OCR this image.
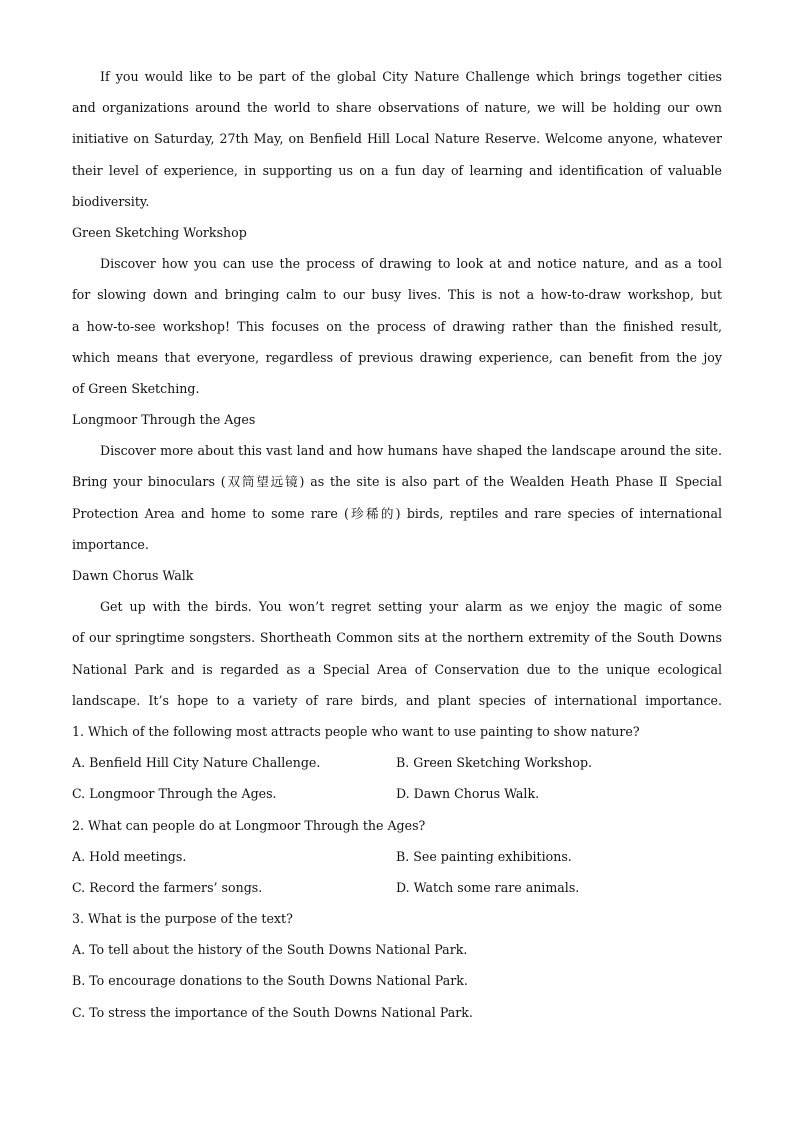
If you would like to be part of the global City Nature Challenge which brings together cities
and organizations around the world to share observations of nature, we will be holding our own
initiative on Saturday, 27th May, on Benfield Hill Local Nature Reserve. Welcome anyone, whatever
their level of experience, in supporting us on a fun day of learning and identification of valuable
biodiversity.
Green Sketching Workshop
Discover how you can use the process of drawing to look at and notice nature, and as a tool
for slowing down and bringing calm to our busy lives. This is not a how-to-draw workshop, but
a how-to-see workshop! This focuses on the process of drawing rather than the finished result,
which means that everyone, regardless of previous drawing experience, can benefit from the joy
of Green Sketching.
Longmoor Through the Ages
Discover more about this vast land and how humans have shaped the landscape around the site.
Bring your binoculars (双筒望远镜) as the site is also part of the Wealden Heath Phase Ⅱ Special
Protection Area and home to some rare (珍稀的) birds, reptiles and rare species of international
importance.
Dawn Chorus Walk
Get up with the birds. You won’t regret setting your alarm as we enjoy the magic of some
of our springtime songsters. Shortheath Common sits at the northern extremity of the South Downs
National Park and is regarded as a Special Area of Conservation due to the unique ecological
landscape. It’s hope to a variety of rare birds, and plant species of international importance.
1. Which of the following most attracts people who want to use painting to show nature?
A. Benfield Hill City Nature Challenge.	B. Green Sketching Workshop.
C. Longmoor Through the Ages.	D. Dawn Chorus Walk.
2. What can people do at Longmoor Through the Ages?
A. Hold meetings.	B. See painting exhibitions.
C. Record the farmers’ songs.	D. Watch some rare animals.
3. What is the purpose of the text?
A. To tell about the history of the South Downs National Park.
B. To encourage donations to the South Downs National Park.
C. To stress the importance of the South Downs National Park.
